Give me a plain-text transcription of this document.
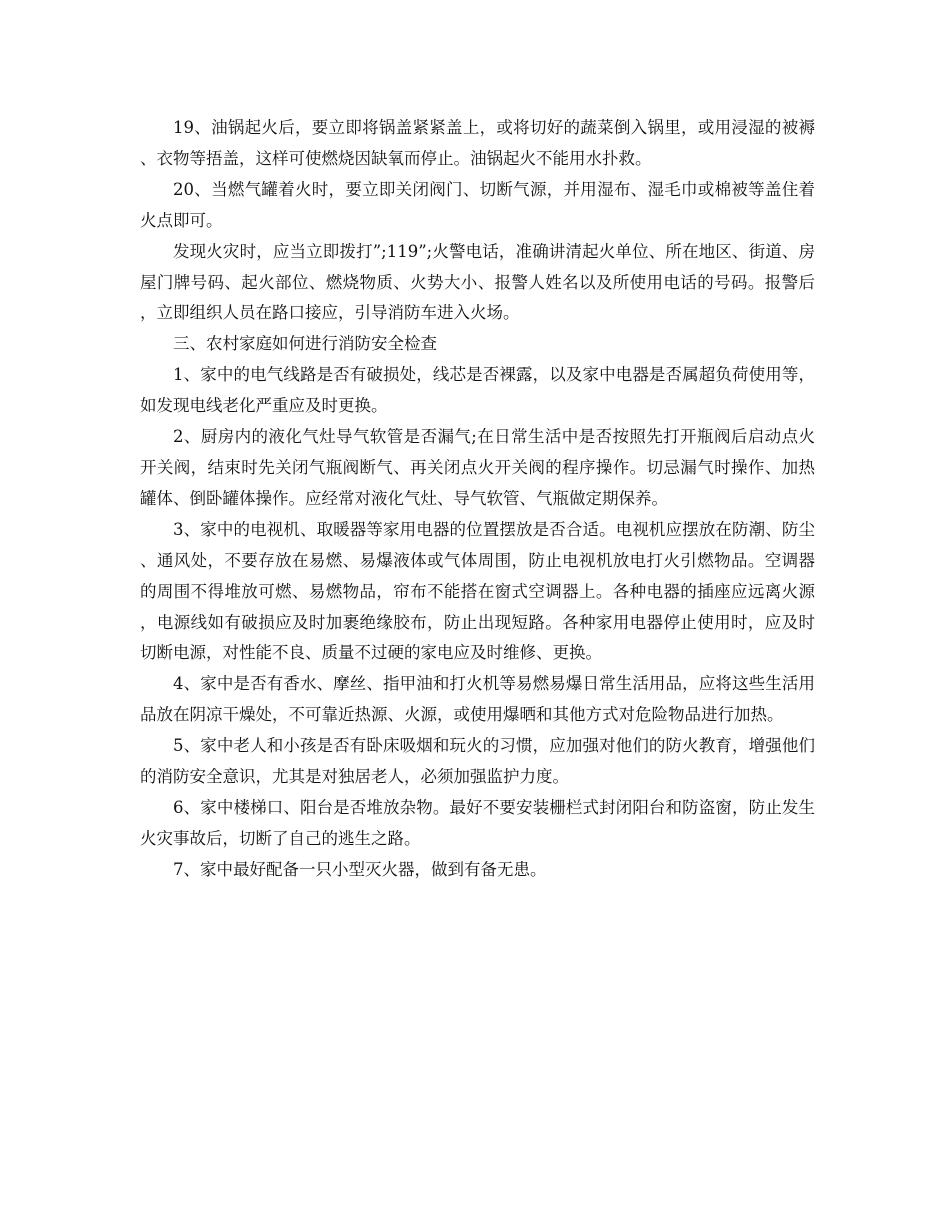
19、油锅起火后，要立即将锅盖紧紧盖上，或将切好的蔬菜倒入锅里，或用浸湿的被褥、衣物等捂盖，这样可使燃烧因缺氧而停止。油锅起火不能用水扑救。

20、当燃气罐着火时，要立即关闭阀门、切断气源，并用湿布、湿毛巾或棉被等盖住着火点即可。

发现火灾时，应当立即拨打”;119”;火警电话，准确讲清起火单位、所在地区、街道、房屋门牌号码、起火部位、燃烧物质、火势大小、报警人姓名以及所使用电话的号码。报警后，立即组织人员在路口接应，引导消防车进入火场。

三、农村家庭如何进行消防安全检查

1、家中的电气线路是否有破损处，线芯是否裸露，以及家中电器是否属超负荷使用等，如发现电线老化严重应及时更换。

2、厨房内的液化气灶导气软管是否漏气;在日常生活中是否按照先打开瓶阀后启动点火开关阀，结束时先关闭气瓶阀断气、再关闭点火开关阀的程序操作。切忌漏气时操作、加热罐体、倒卧罐体操作。应经常对液化气灶、导气软管、气瓶做定期保养。

3、家中的电视机、取暖器等家用电器的位置摆放是否合适。电视机应摆放在防潮、防尘、通风处，不要存放在易燃、易爆液体或气体周围，防止电视机放电打火引燃物品。空调器的周围不得堆放可燃、易燃物品，帘布不能搭在窗式空调器上。各种电器的插座应远离火源，电源线如有破损应及时加裹绝缘胶布，防止出现短路。各种家用电器停止使用时，应及时切断电源，对性能不良、质量不过硬的家电应及时维修、更换。

4、家中是否有香水、摩丝、指甲油和打火机等易燃易爆日常生活用品，应将这些生活用品放在阴凉干燥处，不可靠近热源、火源，或使用爆晒和其他方式对危险物品进行加热。

5、家中老人和小孩是否有卧床吸烟和玩火的习惯，应加强对他们的防火教育，增强他们的消防安全意识，尤其是对独居老人，必须加强监护力度。

6、家中楼梯口、阳台是否堆放杂物。最好不要安装栅栏式封闭阳台和防盗窗，防止发生火灾事故后，切断了自己的逃生之路。

7、家中最好配备一只小型灭火器，做到有备无患。
